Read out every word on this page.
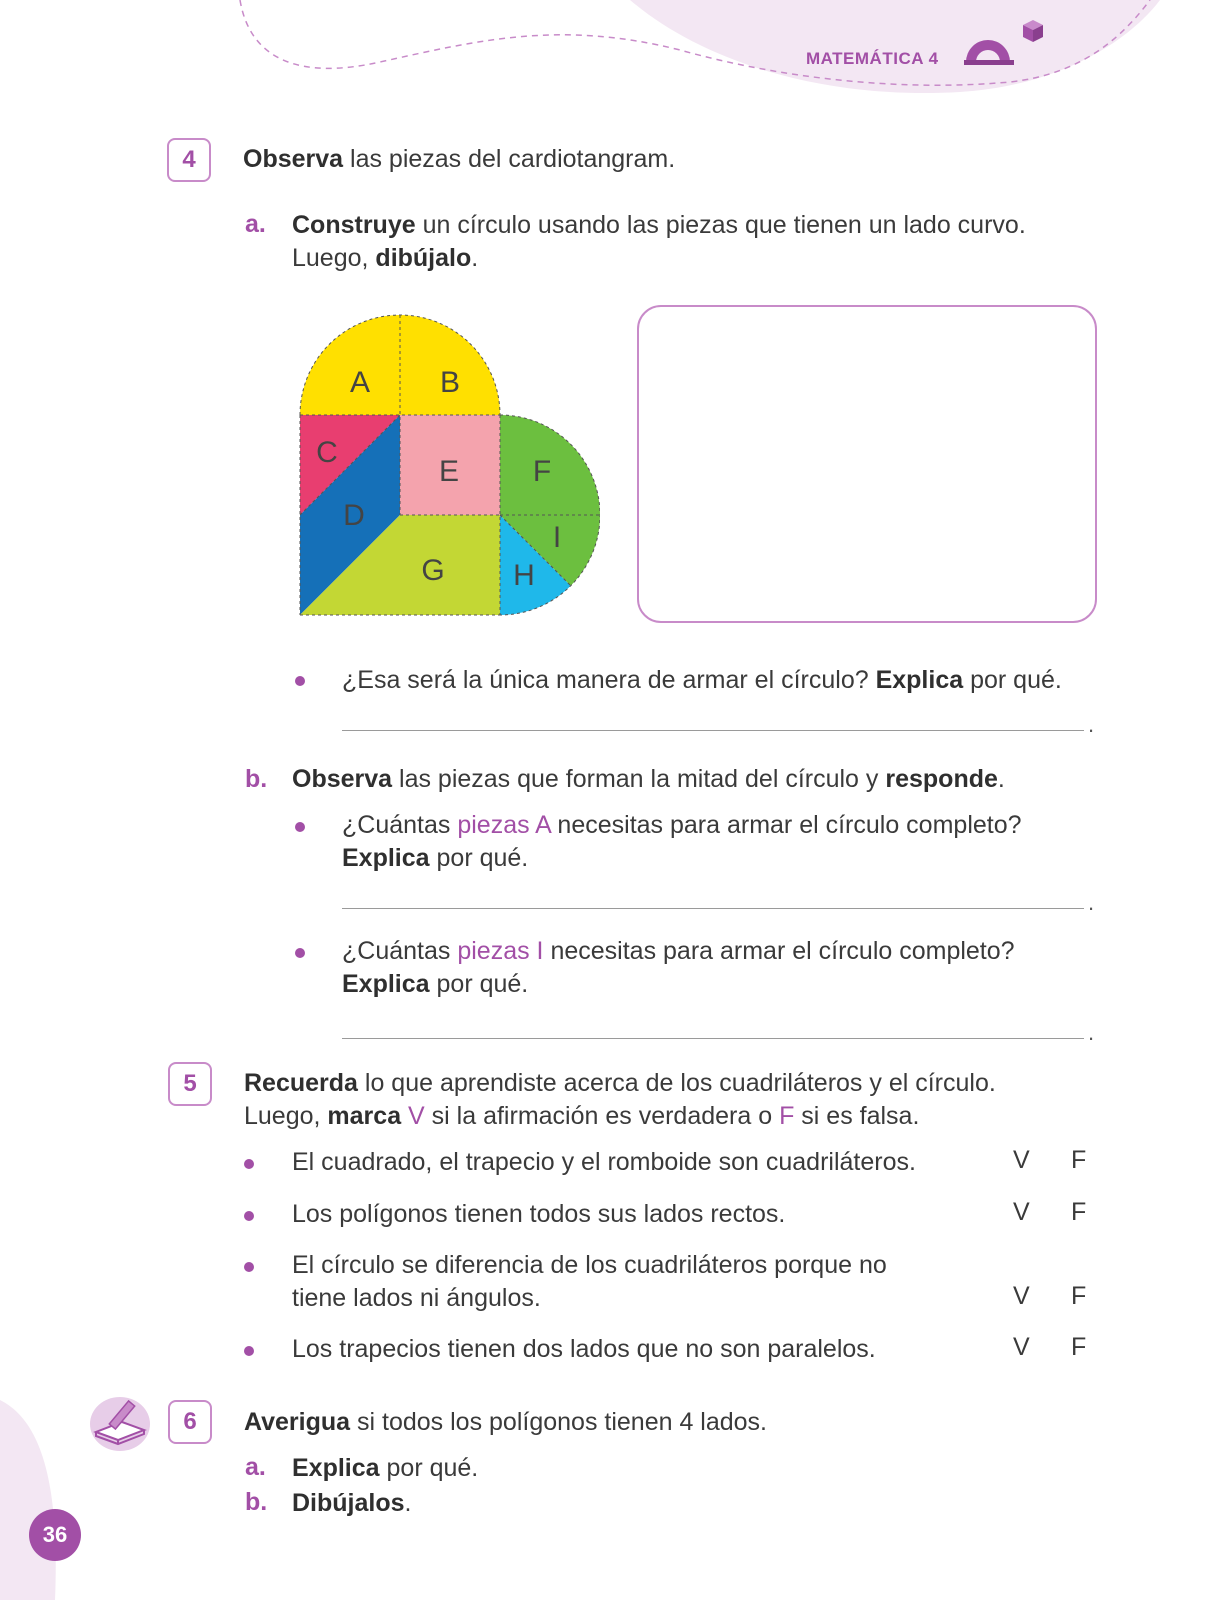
MATEMÁTICA 4
36
4	Observa las piezas del cardiotangram.
a. Construye un círculo usando las piezas que tienen un lado curvo.
Luego, dibújalo.
A B
C
D
E F
G H
I
¿Esa será la única manera de armar el círculo? Explica por qué.
.
b. Observa las piezas que forman la mitad del círculo y responde.
¿Cuántas piezas A necesitas para armar el círculo completo?
Explica por qué.
.
¿Cuántas piezas I necesitas para armar el círculo completo?
Explica por qué.
.
5	Recuerda lo que aprendiste acerca de los cuadriláteros y el círculo.
Luego, marca V si la afirmación es verdadera o F si es falsa.
El cuadrado, el trapecio y el romboide son cuadriláteros.	V F
Los polígonos tienen todos sus lados rectos.	V F
El círculo se diferencia de los cuadriláteros porque no
tiene lados ni ángulos.	V F
Los trapecios tienen dos lados que no son paralelos.	V F
6	Averigua si todos los polígonos tienen 4 lados.
a. Explica por qué.
b. Dibújalos.
